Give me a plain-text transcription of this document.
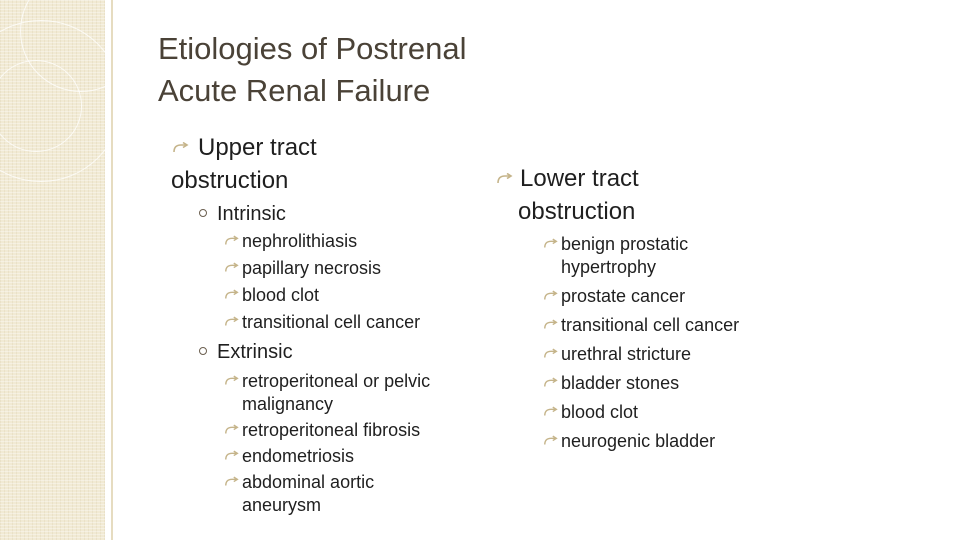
Etiologies of Postrenal
Acute Renal Failure
Upper tract
obstruction
Intrinsic
nephrolithiasis
papillary necrosis
blood clot
transitional cell cancer
Extrinsic
retroperitoneal or pelvic malignancy
retroperitoneal fibrosis
endometriosis
abdominal aortic aneurysm
Lower tract
obstruction
benign prostatic hypertrophy
prostate cancer
transitional cell cancer
urethral stricture
bladder stones
blood clot
neurogenic bladder
